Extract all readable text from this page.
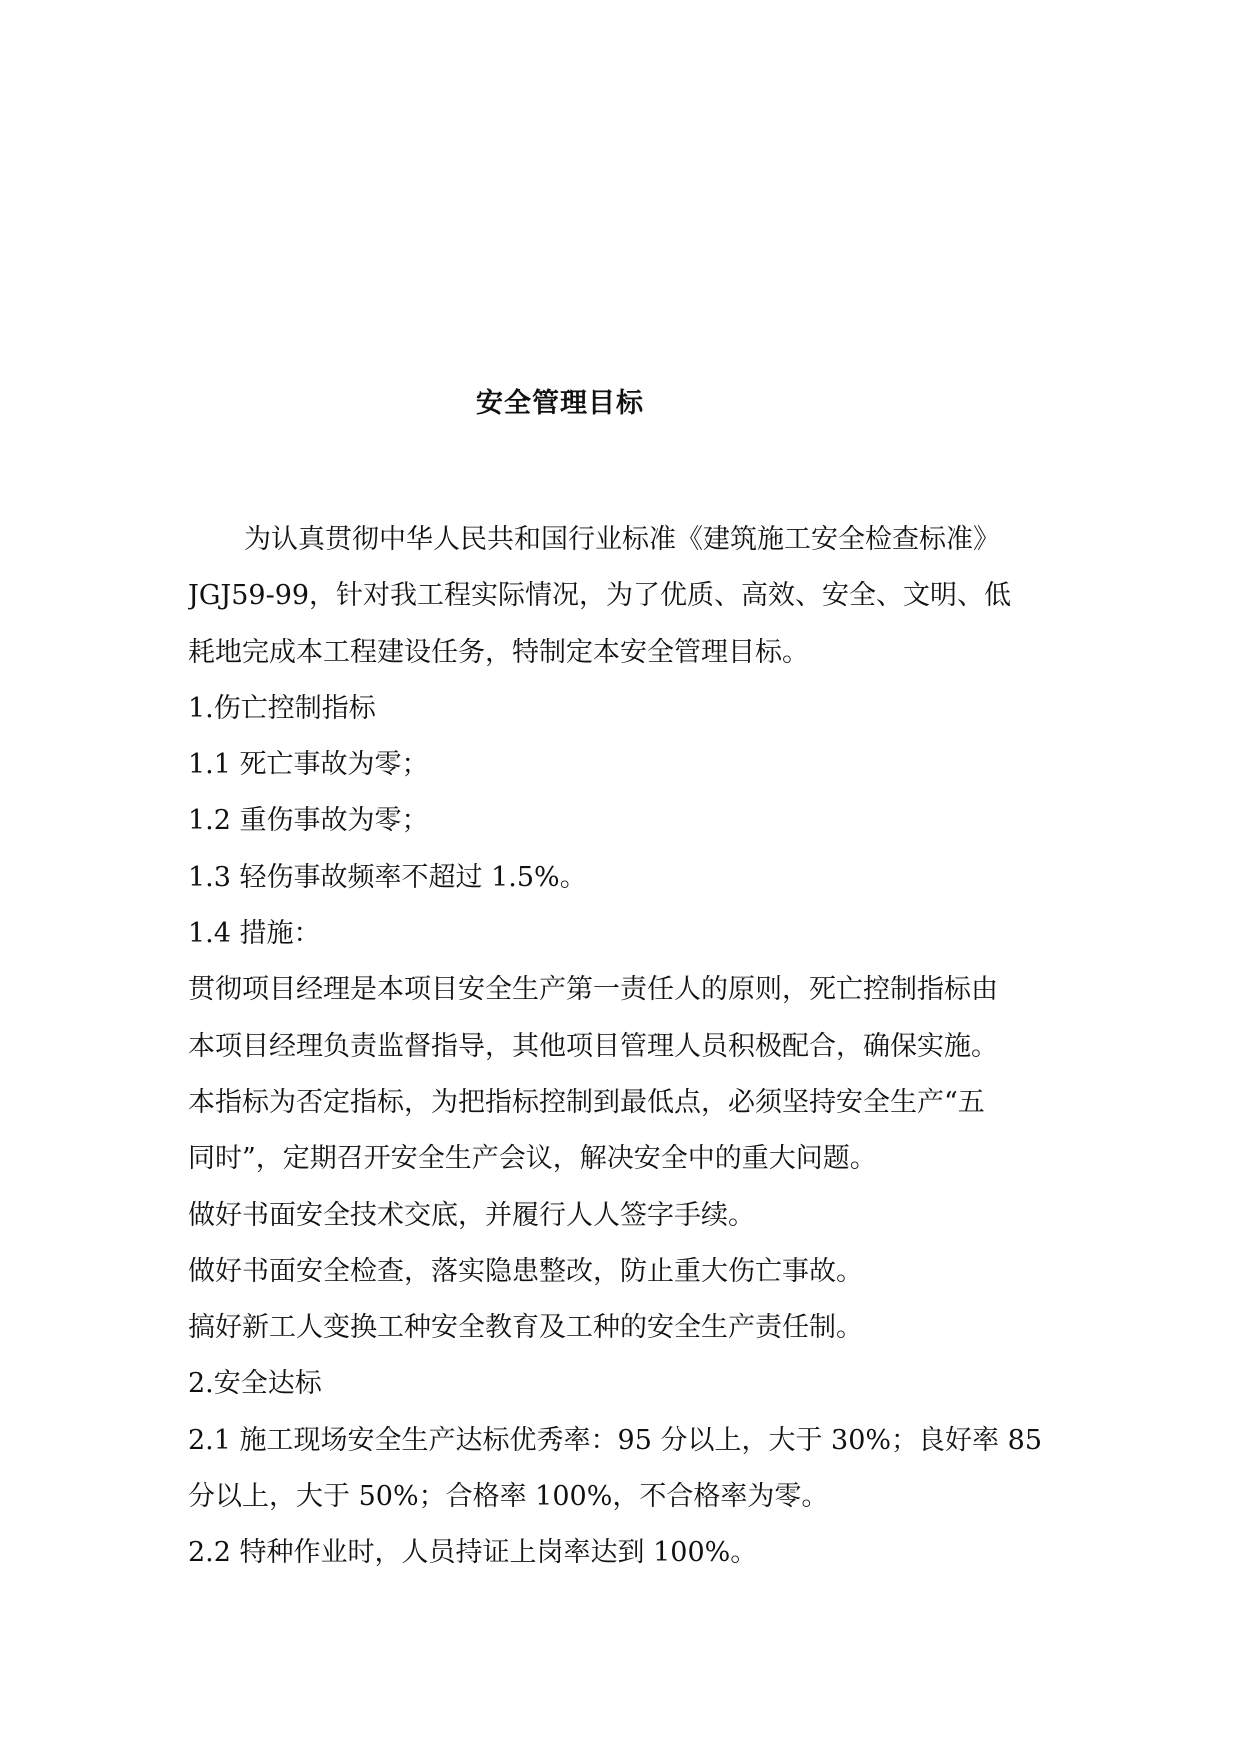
安全管理目标
为认真贯彻中华人民共和国行业标准《建筑施工安全检查标准》
JGJ59-99，针对我工程实际情况，为了优质、高效、安全、文明、低
耗地完成本工程建设任务，特制定本安全管理目标。
1.伤亡控制指标
1.1 死亡事故为零；
1.2 重伤事故为零；
1.3 轻伤事故频率不超过 1.5%。
1.4 措施：
贯彻项目经理是本项目安全生产第一责任人的原则，死亡控制指标由
本项目经理负责监督指导，其他项目管理人员积极配合，确保实施。
本指标为否定指标，为把指标控制到最低点，必须坚持安全生产“五
同时”，定期召开安全生产会议，解决安全中的重大问题。
做好书面安全技术交底，并履行人人签字手续。
做好书面安全检查，落实隐患整改，防止重大伤亡事故。
搞好新工人变换工种安全教育及工种的安全生产责任制。
2.安全达标
2.1 施工现场安全生产达标优秀率：95 分以上，大于 30%；良好率 85
分以上，大于 50%；合格率 100%，不合格率为零。
2.2 特种作业时，人员持证上岗率达到 100%。
